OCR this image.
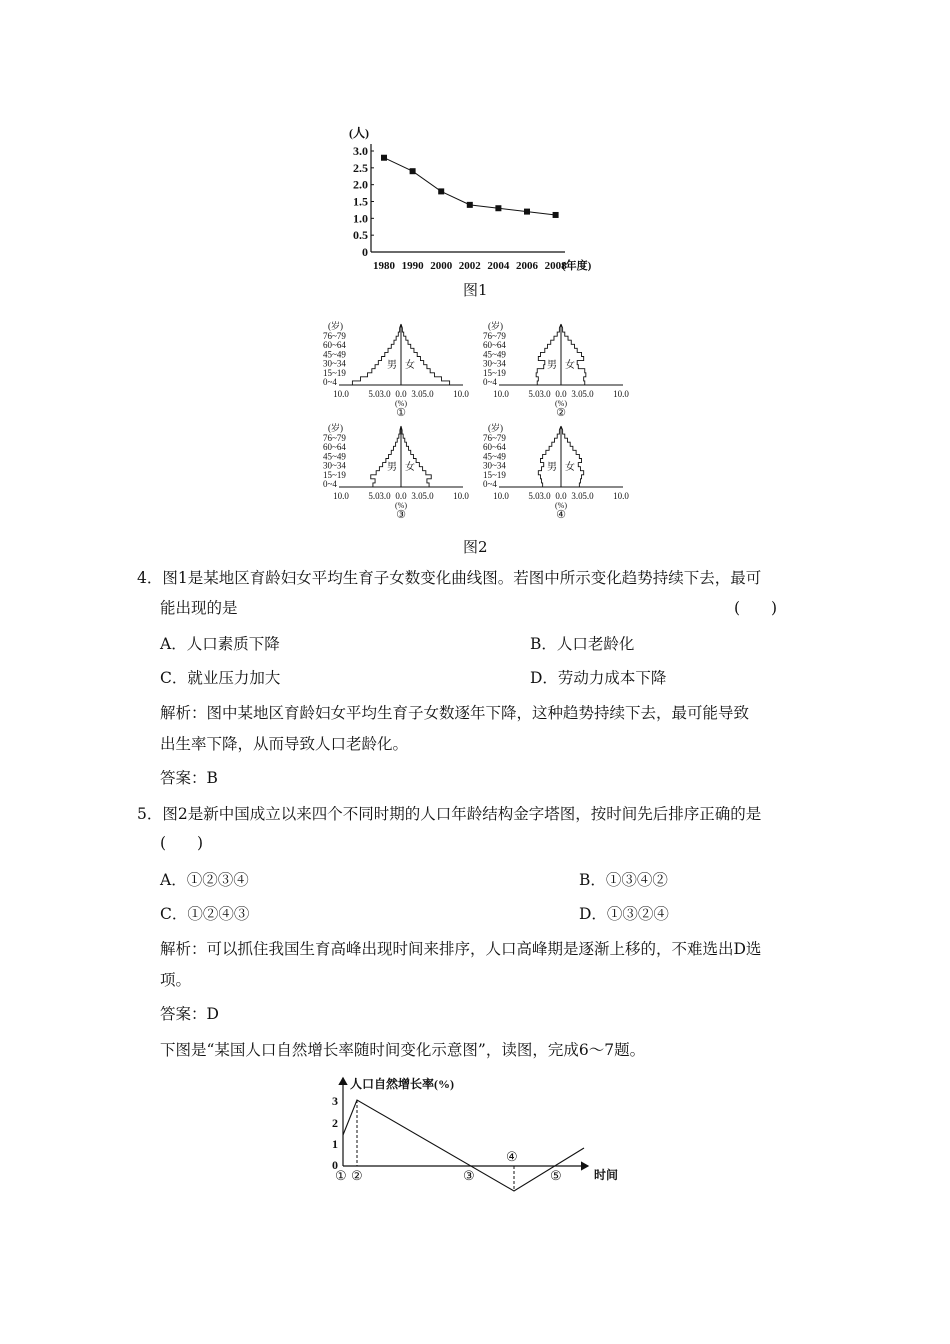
(人)
3.0
2.5
2.0
1.5
1.0
0.5
0
1980 1990 2000 2002 2004 2006 2008
(年度)
图1
(岁)
76~79
60~64
45~49
30~34
15~19
0~4
男 女
10.0 5.0 3.0 0.0 3.0 5.0 10.0
(%)
①
(岁)
76~79
60~64
45~49
30~34
15~19
0~4
男 女
10.0 5.0 3.0 0.0 3.0 5.0 10.0
(%)
②
(岁)
76~79
60~64
45~49
30~34
15~19
0~4
男 女
10.0 5.0 3.0 0.0 3.0 5.0 10.0
(%)
③
(岁)
76~79
60~64
45~49
30~34
15~19
0~4
男 女
10.0 5.0 3.0 0.0 3.0 5.0 10.0
(%)
④
图2
4．图1是某地区育龄妇女平均生育子女数变化曲线图。若图中所示变化趋势持续下去，最可
能出现的是	(　　)
A．人口素质下降	B．人口老龄化
C．就业压力加大	D．劳动力成本下降
解析：图中某地区育龄妇女平均生育子女数逐年下降，这种趋势持续下去，最可能导致
出生率下降，从而导致人口老龄化。
答案：B
5．图2是新中国成立以来四个不同时期的人口年龄结构金字塔图，按时间先后排序正确的是
(　　)
A．①②③④	B．①③④②
C．①②④③	D．①③②④
解析：可以抓住我国生育高峰出现时间来排序，人口高峰期是逐渐上移的，不难选出D选
项。
答案：D
下图是“某国人口自然增长率随时间变化示意图”，读图，完成6～7题。
人口自然增长率(%)
时间
3
2
1
0
① ②	③
④
⑤
